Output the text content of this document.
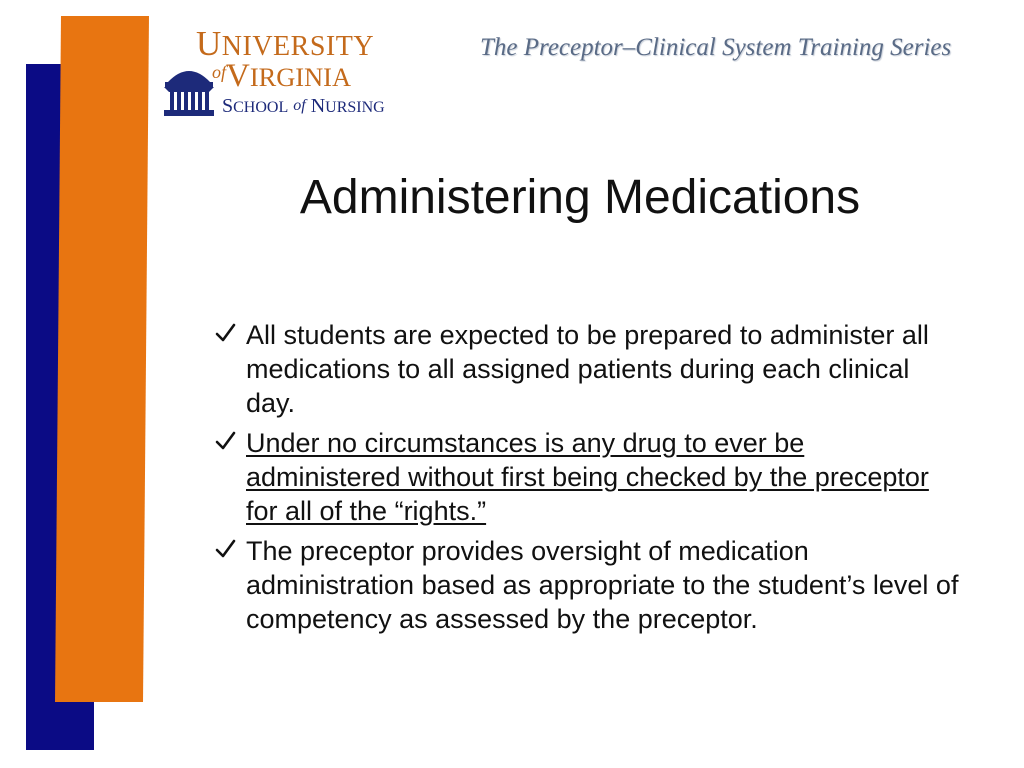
UNIVERSITY
$^{of}$VIRGINIA
SCHOOL of NURSING
The Preceptor–Clinical System Training Series
Administering Medications
All students are expected to be prepared to administer all medications to all assigned patients during each clinical day.
Under no circumstances is any drug to ever be administered without first being checked by the preceptor for all of the “rights.”
The preceptor provides oversight of medication administration based as appropriate to the student’s level of competency as assessed by the preceptor.
